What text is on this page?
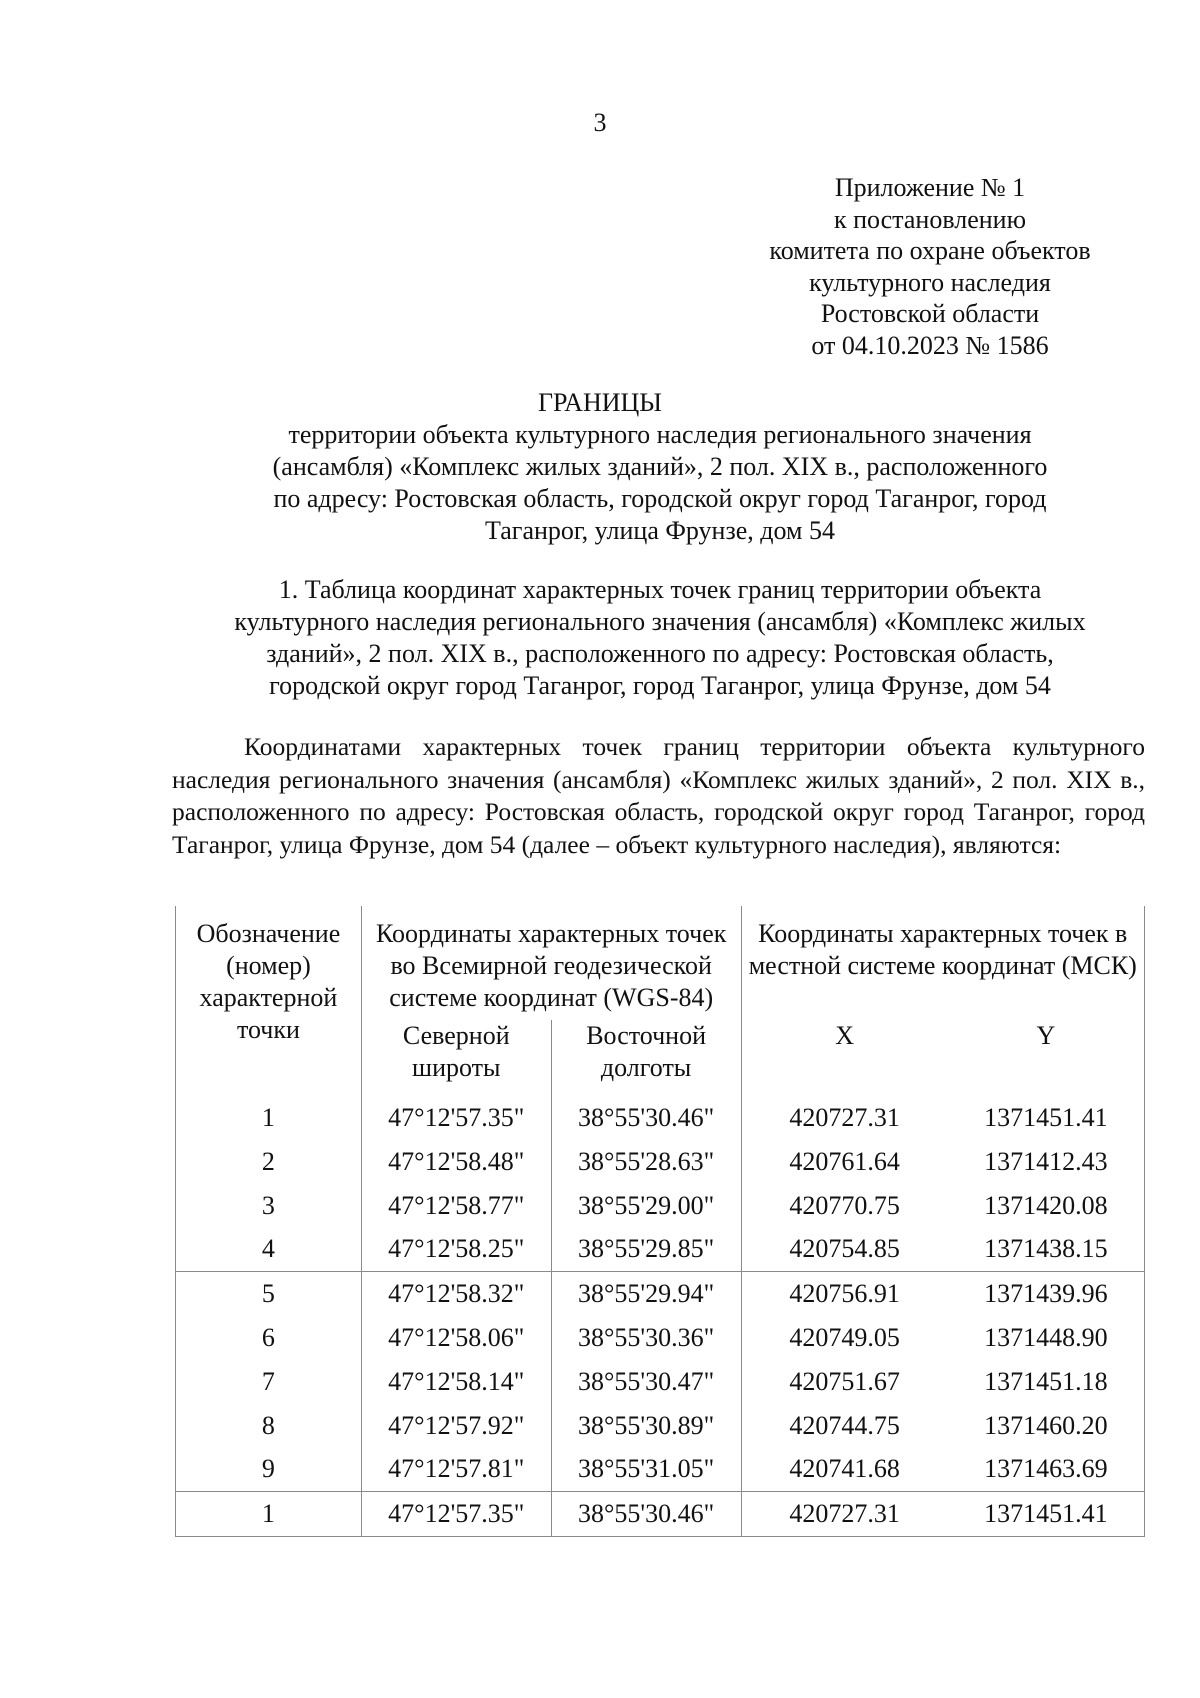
3
Приложение № 1
к постановлению
комитета по охране объектов
культурного наследия
Ростовской области
от 04.10.2023 № 1586
ГРАНИЦЫ
территории объекта культурного наследия регионального значения
(ансамбля) «Комплекс жилых зданий», 2 пол. XIX в., расположенного
по адресу: Ростовская область, городской округ город Таганрог, город
Таганрог, улица Фрунзе, дом 54
1. Таблица координат характерных точек границ территории объекта
культурного наследия регионального значения (ансамбля) «Комплекс жилых
зданий», 2 пол. XIX в., расположенного по адресу: Ростовская область,
городской округ город Таганрог, город Таганрог, улица Фрунзе, дом 54
Координатами характерных точек границ территории объекта культурного наследия регионального значения (ансамбля) «Комплекс жилых зданий», 2 пол. XIX в., расположенного по адресу: Ростовская область, городской округ город Таганрог, город Таганрог, улица Фрунзе, дом 54 (далее – объект культурного наследия), являются:
Обозначение (номер) характерной точки	Координаты характерных точек во Всемирной геодезической системе координат (WGS-84)		Координаты характерных точек в местной системе координат (МСК)	
	Северной широты	Восточной долготы	X	Y
1	47°12'57.35"	38°55'30.46"	420727.31	1371451.41
2	47°12'58.48"	38°55'28.63"	420761.64	1371412.43
3	47°12'58.77"	38°55'29.00"	420770.75	1371420.08
4	47°12'58.25"	38°55'29.85"	420754.85	1371438.15
5	47°12'58.32"	38°55'29.94"	420756.91	1371439.96
6	47°12'58.06"	38°55'30.36"	420749.05	1371448.90
7	47°12'58.14"	38°55'30.47"	420751.67	1371451.18
8	47°12'57.92"	38°55'30.89"	420744.75	1371460.20
9	47°12'57.81"	38°55'31.05"	420741.68	1371463.69
1	47°12'57.35"	38°55'30.46"	420727.31	1371451.41
